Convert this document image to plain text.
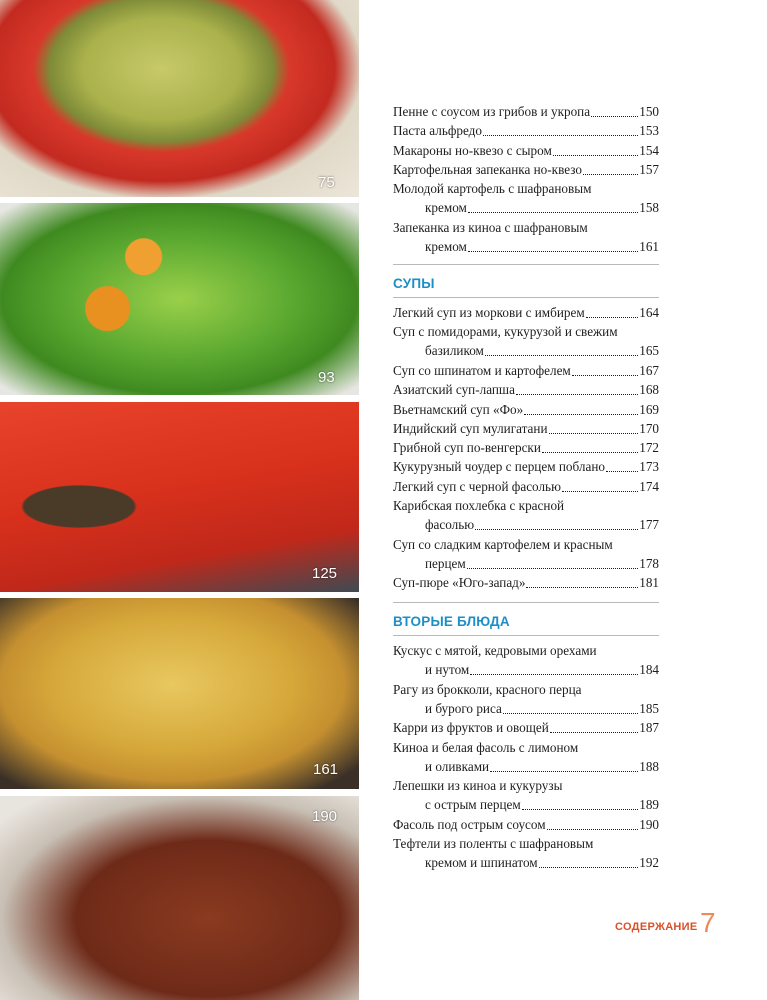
75
93
125
161
190
Пенне с соусом из грибов и укропа	150
Паста альфредо	153
Макароны но-квезо с сыром	154
Картофельная запеканка но-квезо	157
Молодой картофель с шафрановым
кремом	158
Запеканка из киноа с шафрановым
кремом	161
СУПЫ
Легкий суп из моркови с имбирем	164
Суп с помидорами, кукурузой и свежим
базиликом	165
Суп со шпинатом и картофелем	167
Азиатский суп-лапша	168
Вьетнамский суп «Фо»	169
Индийский суп мулигатани	170
Грибной суп по-венгерски	172
Кукурузный чоудер с перцем поблано	173
Легкий суп с черной фасолью	174
Карибская похлебка с красной
фасолью	177
Суп со сладким картофелем и красным
перцем	178
Суп-пюре «Юго-запад»	181
ВТОРЫЕ БЛЮДА
Кускус с мятой, кедровыми орехами
и нутом	184
Рагу из брокколи, красного перца
и бурого риса	185
Карри из фруктов и овощей	187
Киноа и белая фасоль с лимоном
и оливками	188
Лепешки из киноа и кукурузы
с острым перцем	189
Фасоль под острым соусом	190
Тефтели из поленты с шафрановым
кремом и шпинатом	192
СОДЕРЖАНИЕ 7
